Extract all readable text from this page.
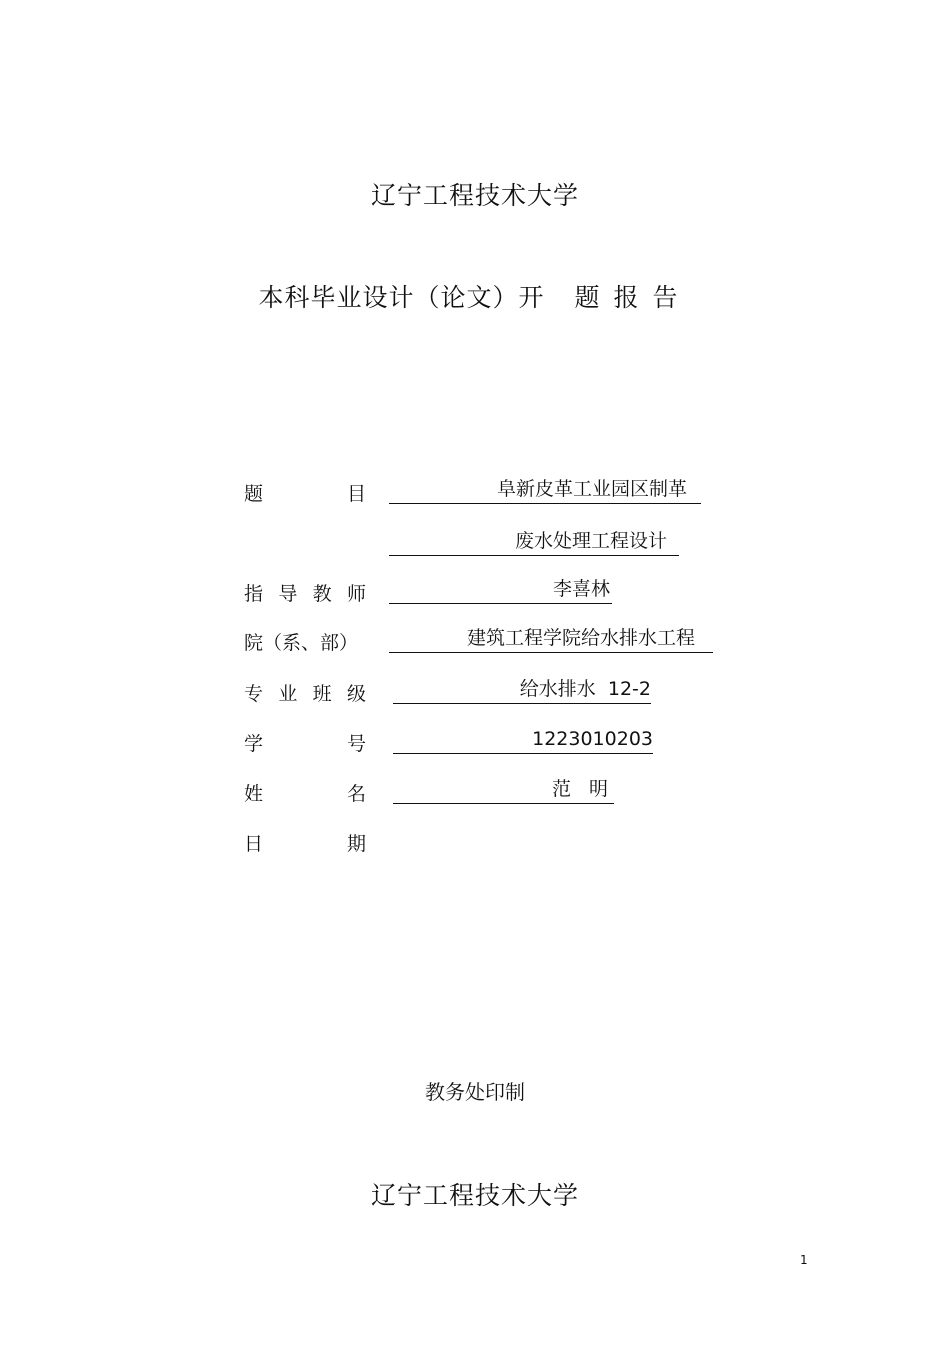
辽宁工程技术大学
本科毕业设计（论文）开 题报告
题	目	阜新皮革工业园区制革
废水处理工程设计
指 导 教 师	李喜林
院（系、部）	建筑工程学院给水排水工程
专 业 班 级	给水排水  12-2
学	号	1223010203
姓	名	范 明
日	期
教务处印制
辽宁工程技术大学
1
